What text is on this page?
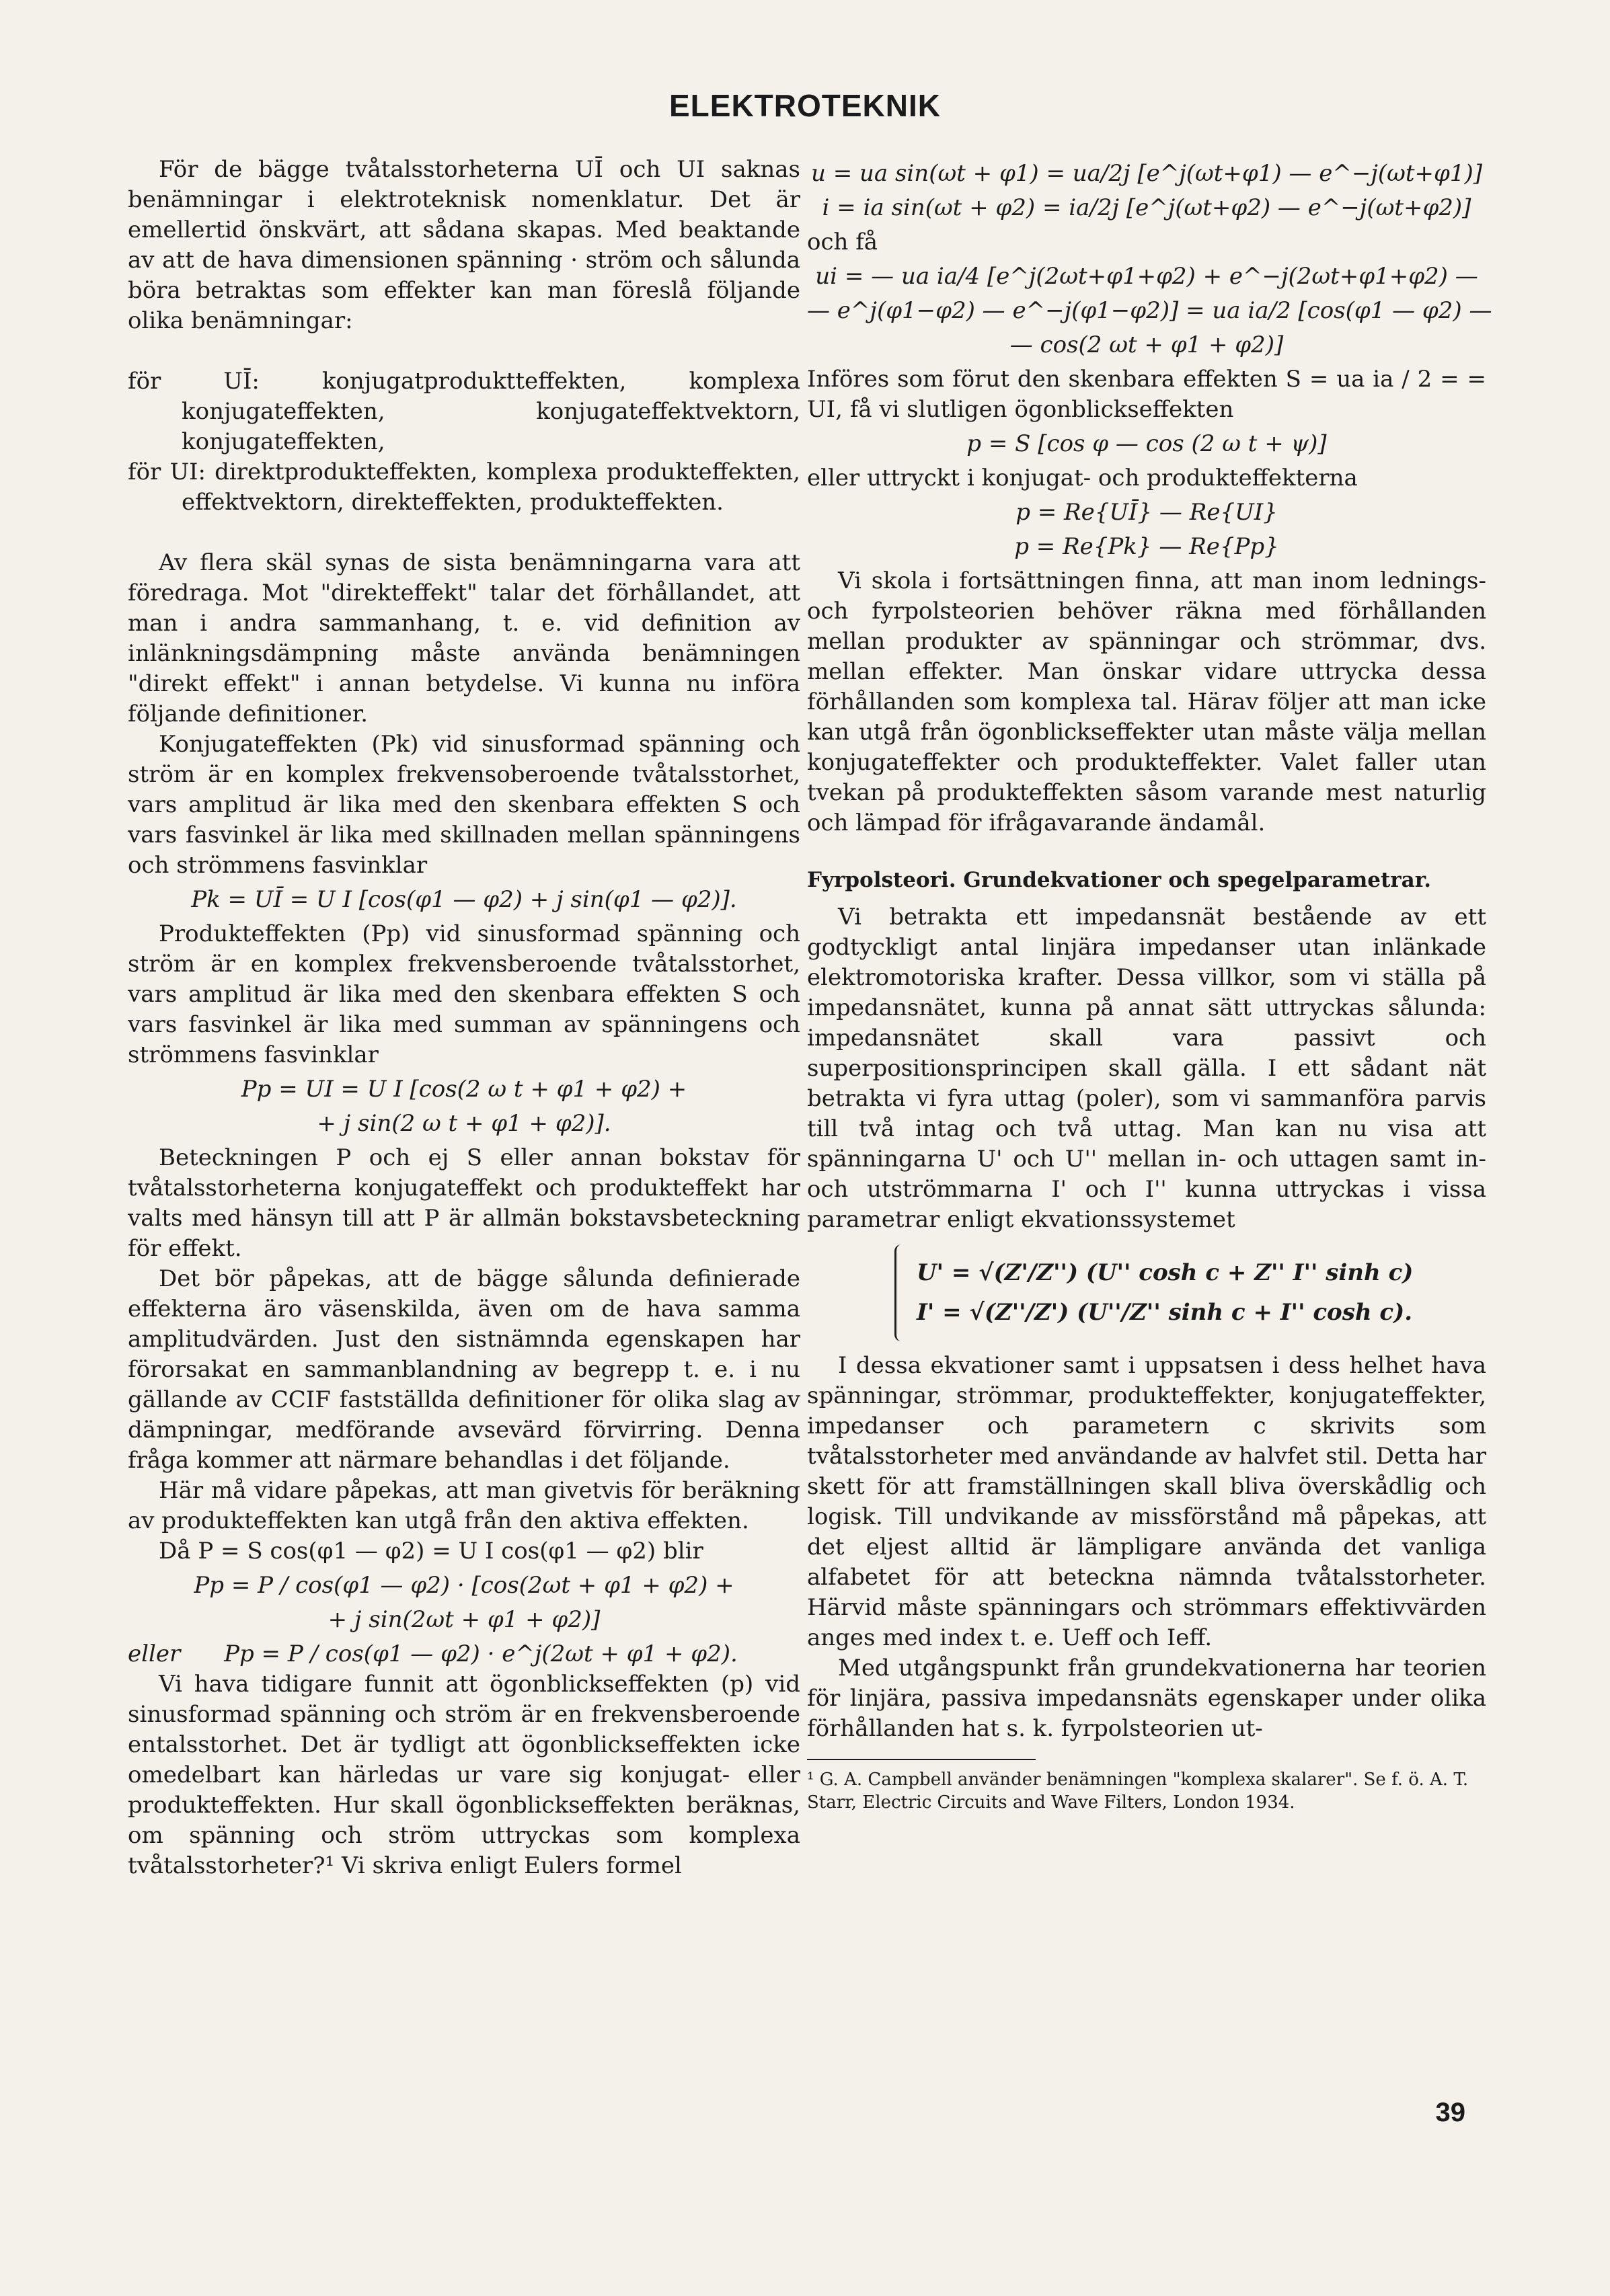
ELEKTROTEKNIK

För de bägge tvåtalsstorheterna UĪ och UI saknas benämningar i elektroteknisk nomenklatur. Det är emellertid önskvärt, att sådana skapas. Med beaktande av att de hava dimensionen spänning · ström och sålunda böra betraktas som effekter kan man föreslå följande olika benämningar:

för UĪ: konjugatproduktteffekten, komplexa konjugateffekten, konjugateffektvektorn, konjugateffekten,

för UI: direktprodukteffekten, komplexa produkteffekten, effektvektorn, direkteffekten, produkteffekten.

Av flera skäl synas de sista benämningarna vara att föredraga. Mot "direkteffekt" talar det förhållandet, att man i andra sammanhang, t. e. vid definition av inlänkningsdämpning måste använda benämningen "direkt effekt" i annan betydelse. Vi kunna nu införa följande definitioner.

Konjugateffekten (Pk) vid sinusformad spänning och ström är en komplex frekvensoberoende tvåtalsstorhet, vars amplitud är lika med den skenbara effekten S och vars fasvinkel är lika med skillnaden mellan spänningens och strömmens fasvinklar

Pk = UĪ = U I [cos(φ1 — φ2) + j sin(φ1 — φ2)].

Produkteffekten (Pp) vid sinusformad spänning och ström är en komplex frekvensberoende tvåtalsstorhet, vars amplitud är lika med den skenbara effekten S och vars fasvinkel är lika med summan av spänningens och strömmens fasvinklar

Pp = UI = U I [cos(2 ω t + φ1 + φ2) +

+ j sin(2 ω t + φ1 + φ2)].

Beteckningen P och ej S eller annan bokstav för tvåtalsstorheterna konjugateffekt och produkteffekt har valts med hänsyn till att P är allmän bokstavsbeteckning för effekt.

Det bör påpekas, att de bägge sålunda definierade effekterna äro väsenskilda, även om de hava samma amplitudvärden. Just den sistnämnda egenskapen har förorsakat en sammanblandning av begrepp t. e. i nu gällande av CCIF fastställda definitioner för olika slag av dämpningar, medförande avsevärd förvirring. Denna fråga kommer att närmare behandlas i det följande.

Här må vidare påpekas, att man givetvis för beräkning av produkteffekten kan utgå från den aktiva effekten.

Då P = S cos(φ1 — φ2) = U I cos(φ1 — φ2) blir

Pp = P / cos(φ1 — φ2) · [cos(2ωt + φ1 + φ2) +

+ j sin(2ωt + φ1 + φ2)]

eller Pp = P / cos(φ1 — φ2) · e^j(2ωt + φ1 + φ2).

Vi hava tidigare funnit att ögonblickseffekten (p) vid sinusformad spänning och ström är en frekvensberoende entalsstorhet. Det är tydligt att ögonblickseffekten icke omedelbart kan härledas ur vare sig konjugat- eller produkteffekten. Hur skall ögonblickseffekten beräknas, om spänning och ström uttryckas som komplexa tvåtalsstorheter?¹ Vi skriva enligt Eulers formel

u = ua sin(ωt + φ1) = ua/2j [e^j(ωt+φ1) — e^−j(ωt+φ1)]

i = ia sin(ωt + φ2) = ia/2j [e^j(ωt+φ2) — e^−j(ωt+φ2)]

och få

ui = — ua ia/4 [e^j(2ωt+φ1+φ2) + e^−j(2ωt+φ1+φ2) —

— e^j(φ1−φ2) — e^−j(φ1−φ2)] = ua ia/2 [cos(φ1 — φ2) —

— cos(2 ωt + φ1 + φ2)]

Införes som förut den skenbara effekten S = ua ia / 2 = = UI, få vi slutligen ögonblickseffekten

p = S [cos φ — cos (2 ω t + ψ)]

eller uttryckt i konjugat- och produkteffekterna

p = Re{UĪ} — Re{UI}

p = Re{Pk} — Re{Pp}

Vi skola i fortsättningen finna, att man inom lednings- och fyrpolsteorien behöver räkna med förhållanden mellan produkter av spänningar och strömmar, dvs. mellan effekter. Man önskar vidare uttrycka dessa förhållanden som komplexa tal. Härav följer att man icke kan utgå från ögonblickseffekter utan måste välja mellan konjugateffekter och produkteffekter. Valet faller utan tvekan på produkteffekten såsom varande mest naturlig och lämpad för ifrågavarande ändamål.

Fyrpolsteori. Grundekvationer och spegelparametrar.

Vi betrakta ett impedansnät bestående av ett godtyckligt antal linjära impedanser utan inlänkade elektromotoriska krafter. Dessa villkor, som vi ställa på impedansnätet, kunna på annat sätt uttryckas sålunda: impedansnätet skall vara passivt och superpositionsprincipen skall gälla. I ett sådant nät betrakta vi fyra uttag (poler), som vi sammanföra parvis till två intag och två uttag. Man kan nu visa att spänningarna U' och U'' mellan in- och uttagen samt in- och utströmmarna I' och I'' kunna uttryckas i vissa parametrar enligt ekvationssystemet

U' = √(Z'/Z'') (U'' cosh c + Z'' I'' sinh c)
I' = √(Z''/Z') (U''/Z'' sinh c + I'' cosh c).

I dessa ekvationer samt i uppsatsen i dess helhet hava spänningar, strömmar, produkteffekter, konjugateffekter, impedanser och parametern c skrivits som tvåtalsstorheter med användande av halvfet stil. Detta har skett för att framställningen skall bliva överskådlig och logisk. Till undvikande av missförstånd må påpekas, att det eljest alltid är lämpligare använda det vanliga alfabetet för att beteckna nämnda tvåtalsstorheter. Härvid måste spänningars och strömmars effektivvärden anges med index t. e. Ueff och Ieff.

Med utgångspunkt från grundekvationerna har teorien för linjära, passiva impedansnäts egenskaper under olika förhållanden hat s. k. fyrpolsteorien ut-

¹ G. A. Campbell använder benämningen "komplexa skalarer". Se f. ö. A. T. Starr, Electric Circuits and Wave Filters, London 1934.

39
